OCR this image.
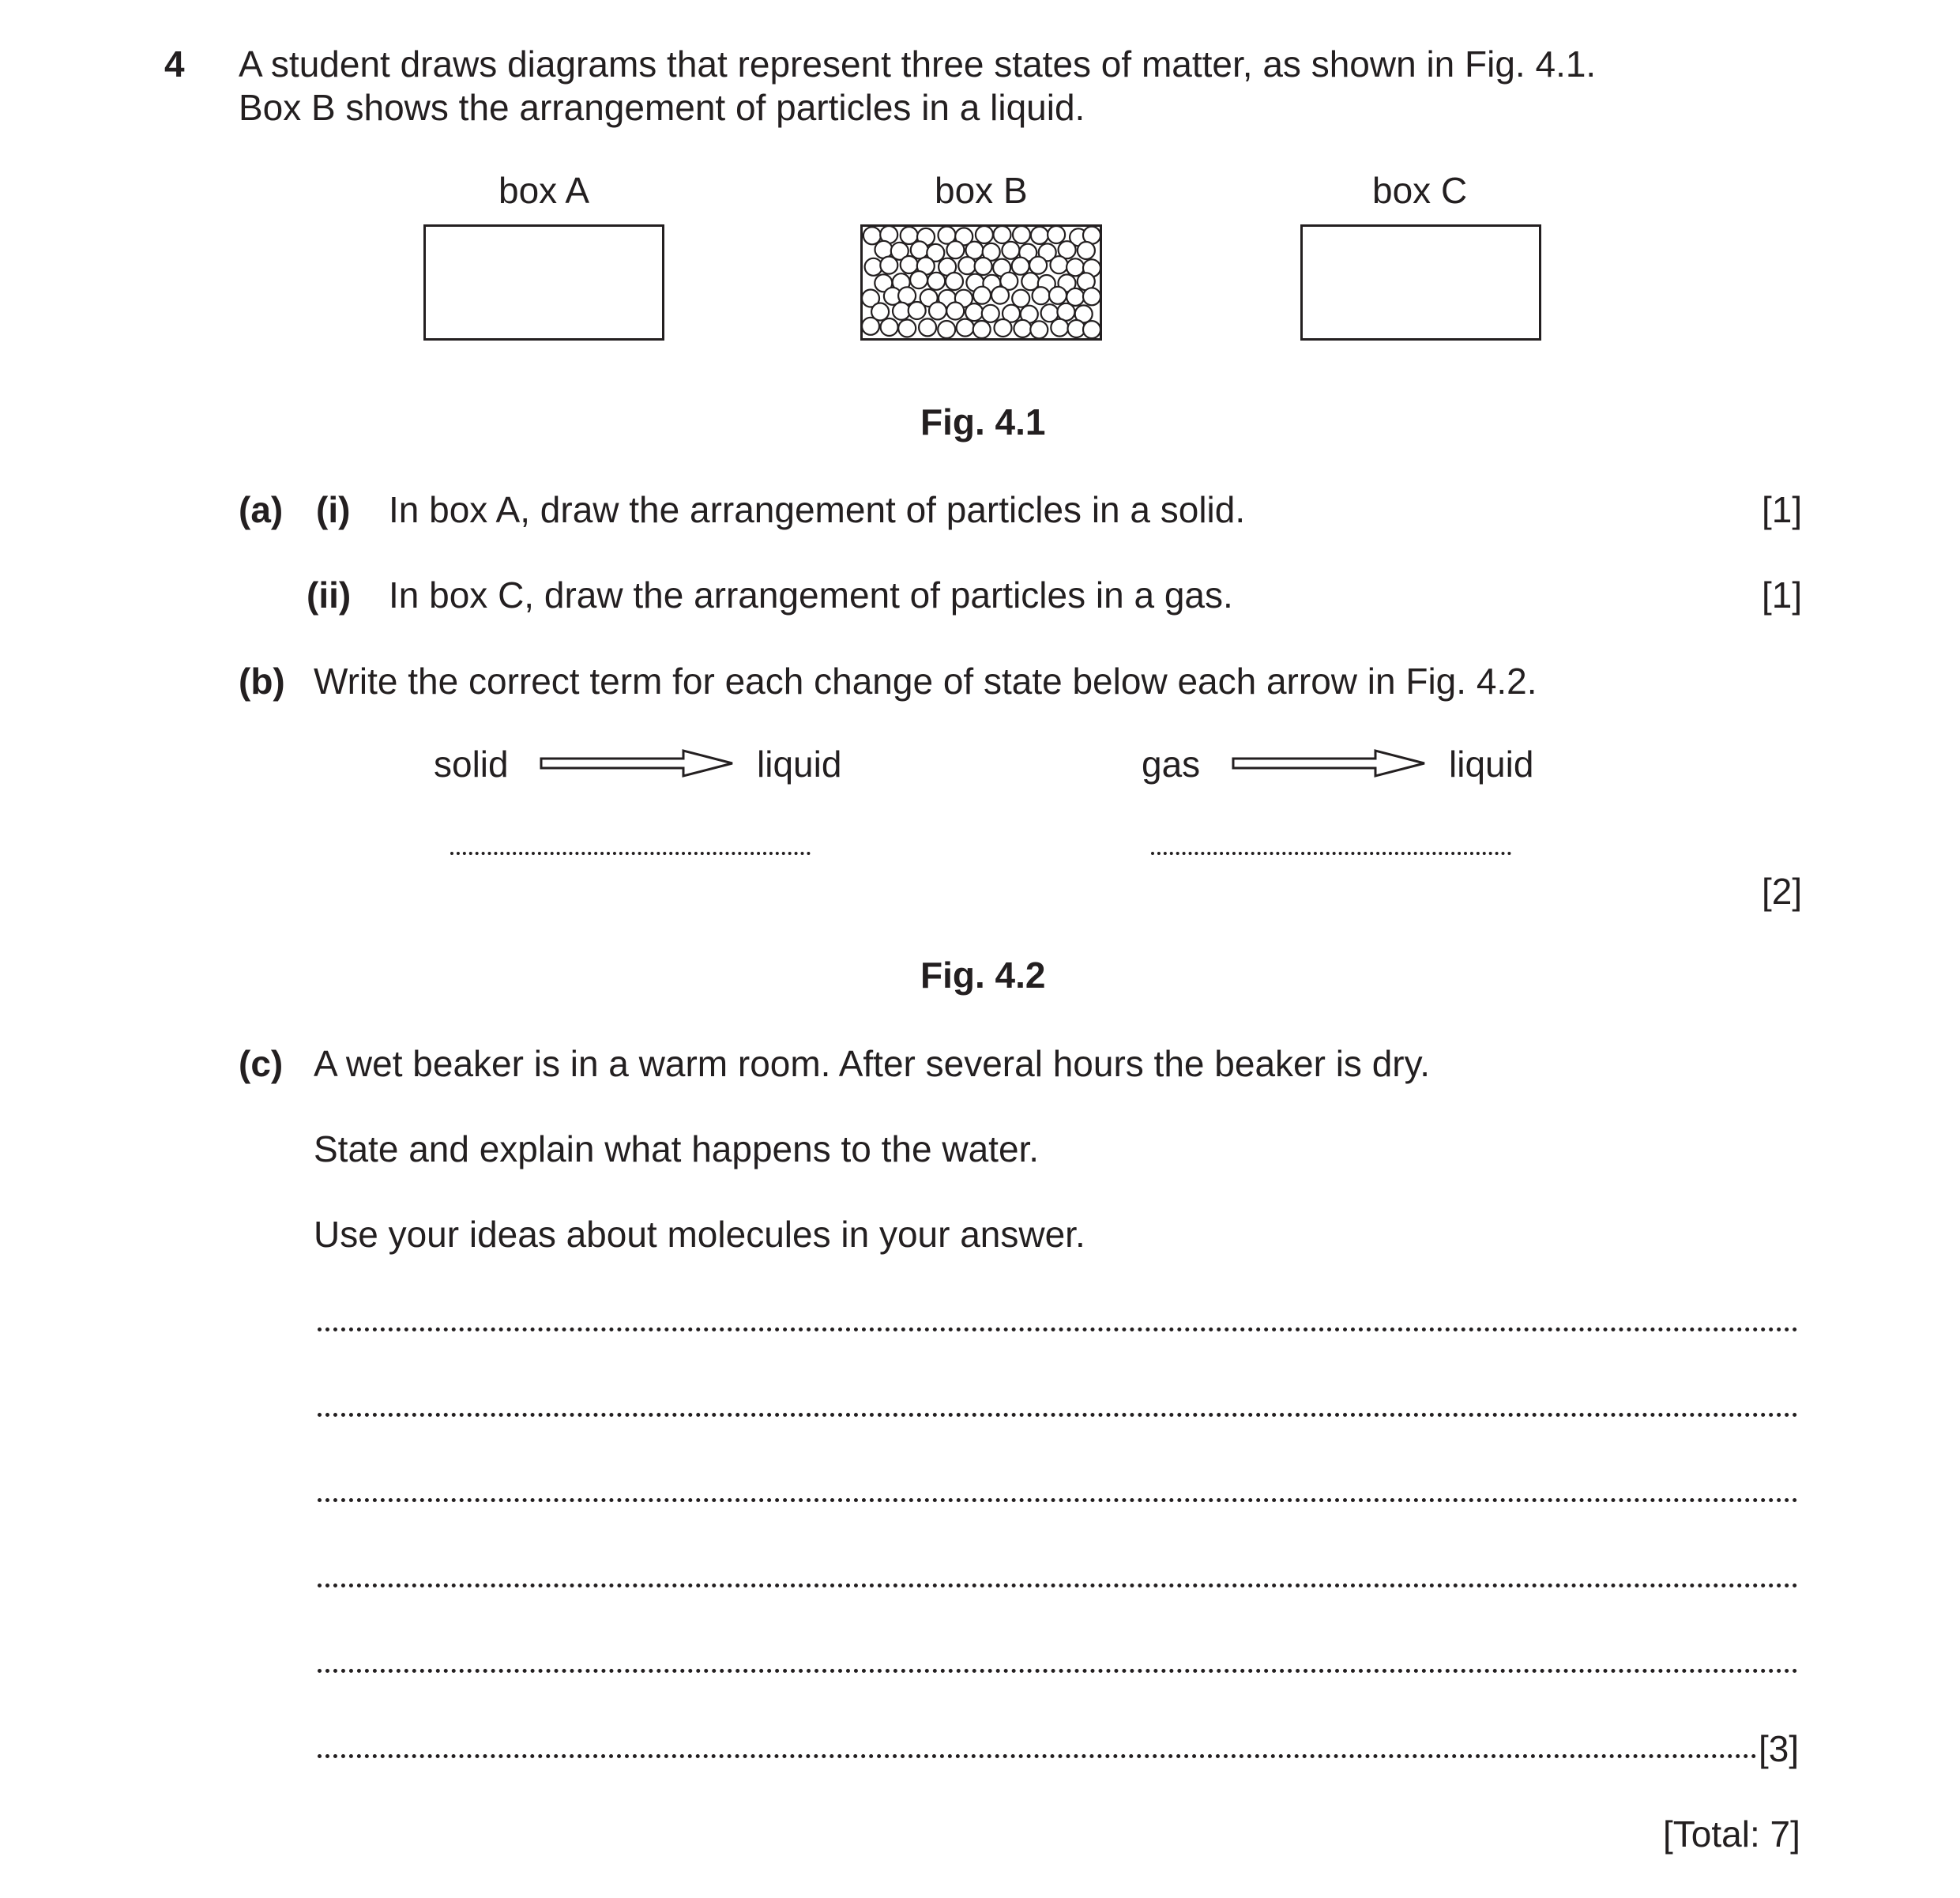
4 A student draws diagrams that represent three states of matter, as shown in Fig. 4.1.
Box B shows the arrangement of particles in a liquid.
box A	box B	box C
Fig. 4.1
(a) (i) In box A, draw the arrangement of particles in a solid.	[1]
(ii) In box C, draw the arrangement of particles in a gas.	[1]
(b) Write the correct term for each change of state below each arrow in Fig. 4.2.
solid	liquid	gas	liquid
[2]
Fig. 4.2
(c) A wet beaker is in a warm room. After several hours the beaker is dry.
State and explain what happens to the water.
Use your ideas about molecules in your answer.
[3]
[Total: 7]
